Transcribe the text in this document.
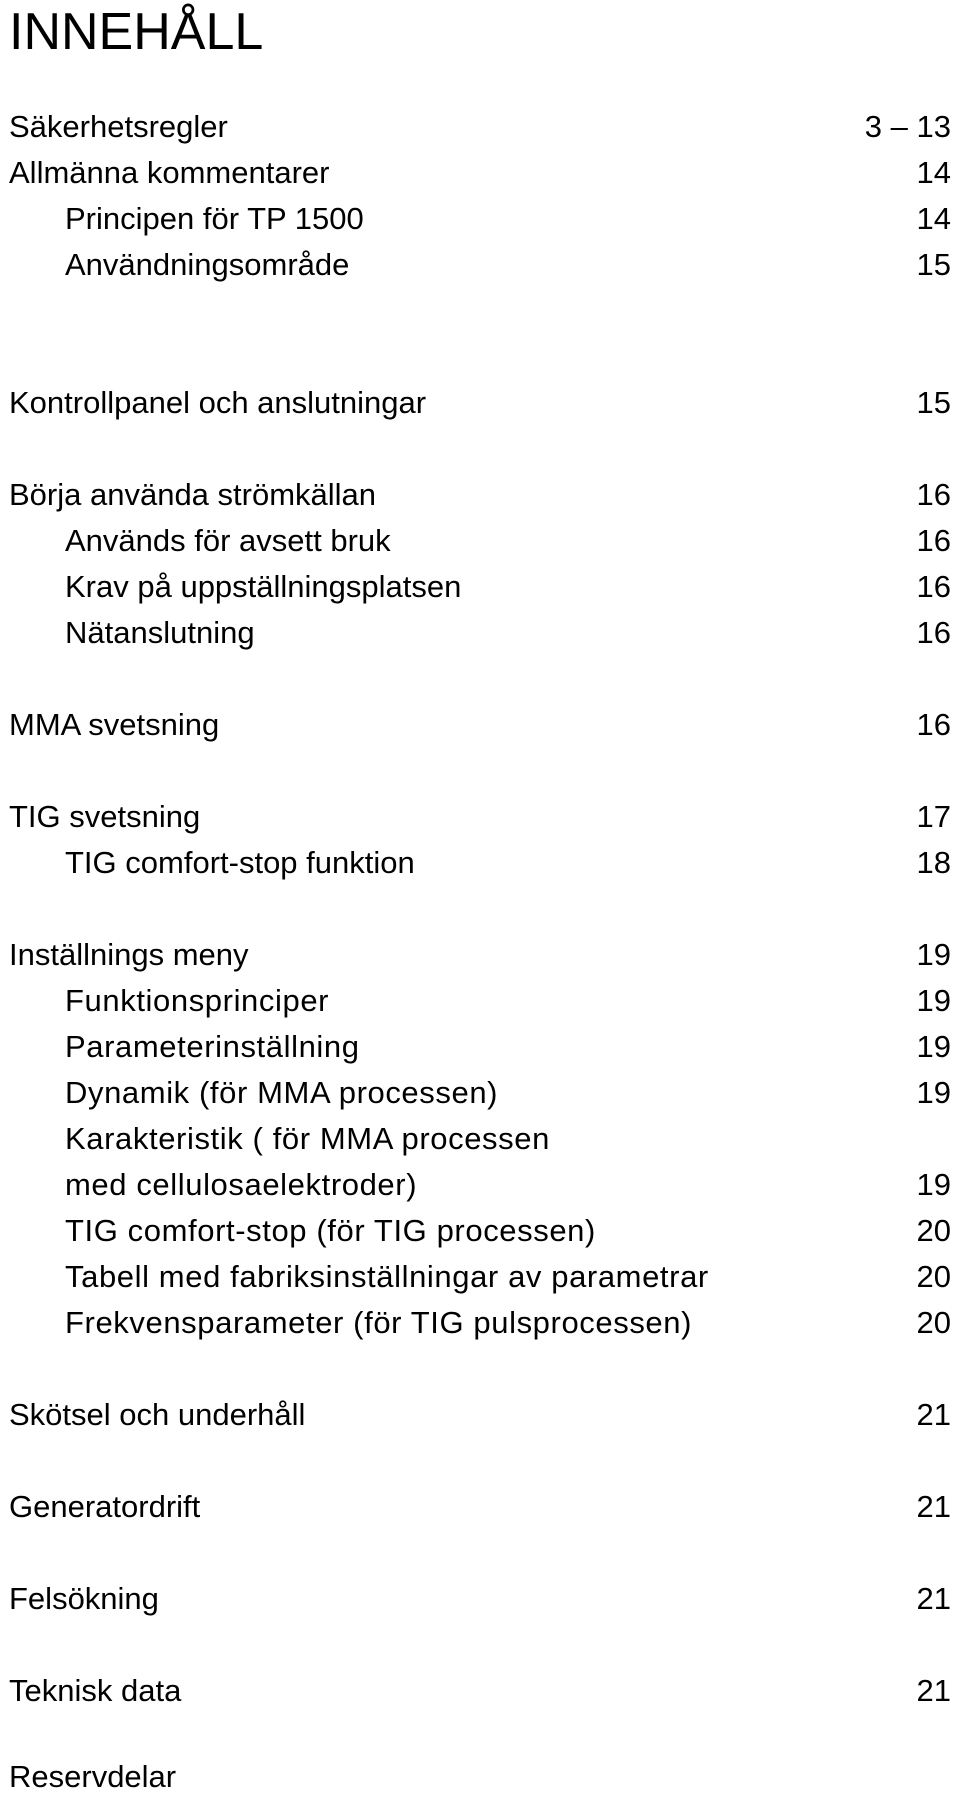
INNEHÅLL
Säkerhetsregler	3 – 13
Allmänna kommentarer	14
Principen för TP 1500	14
Användningsområde	15
Kontrollpanel och anslutningar	15
Börja använda strömkällan	16
Används för avsett bruk	16
Krav på uppställningsplatsen	16
Nätanslutning	16
MMA svetsning	16
TIG svetsning	17
TIG comfort-stop funktion	18
Inställnings meny	19
Funktionsprinciper	19
Parameterinställning	19
Dynamik (för MMA processen)	19
Karakteristik ( för MMA processen
med cellulosaelektroder)	19
TIG comfort-stop (för TIG processen)	20
Tabell med fabriksinställningar av parametrar	20
Frekvensparameter (för TIG pulsprocessen)	20
Skötsel och underhåll	21
Generatordrift	21
Felsökning	21
Teknisk data	21
Reservdelar
